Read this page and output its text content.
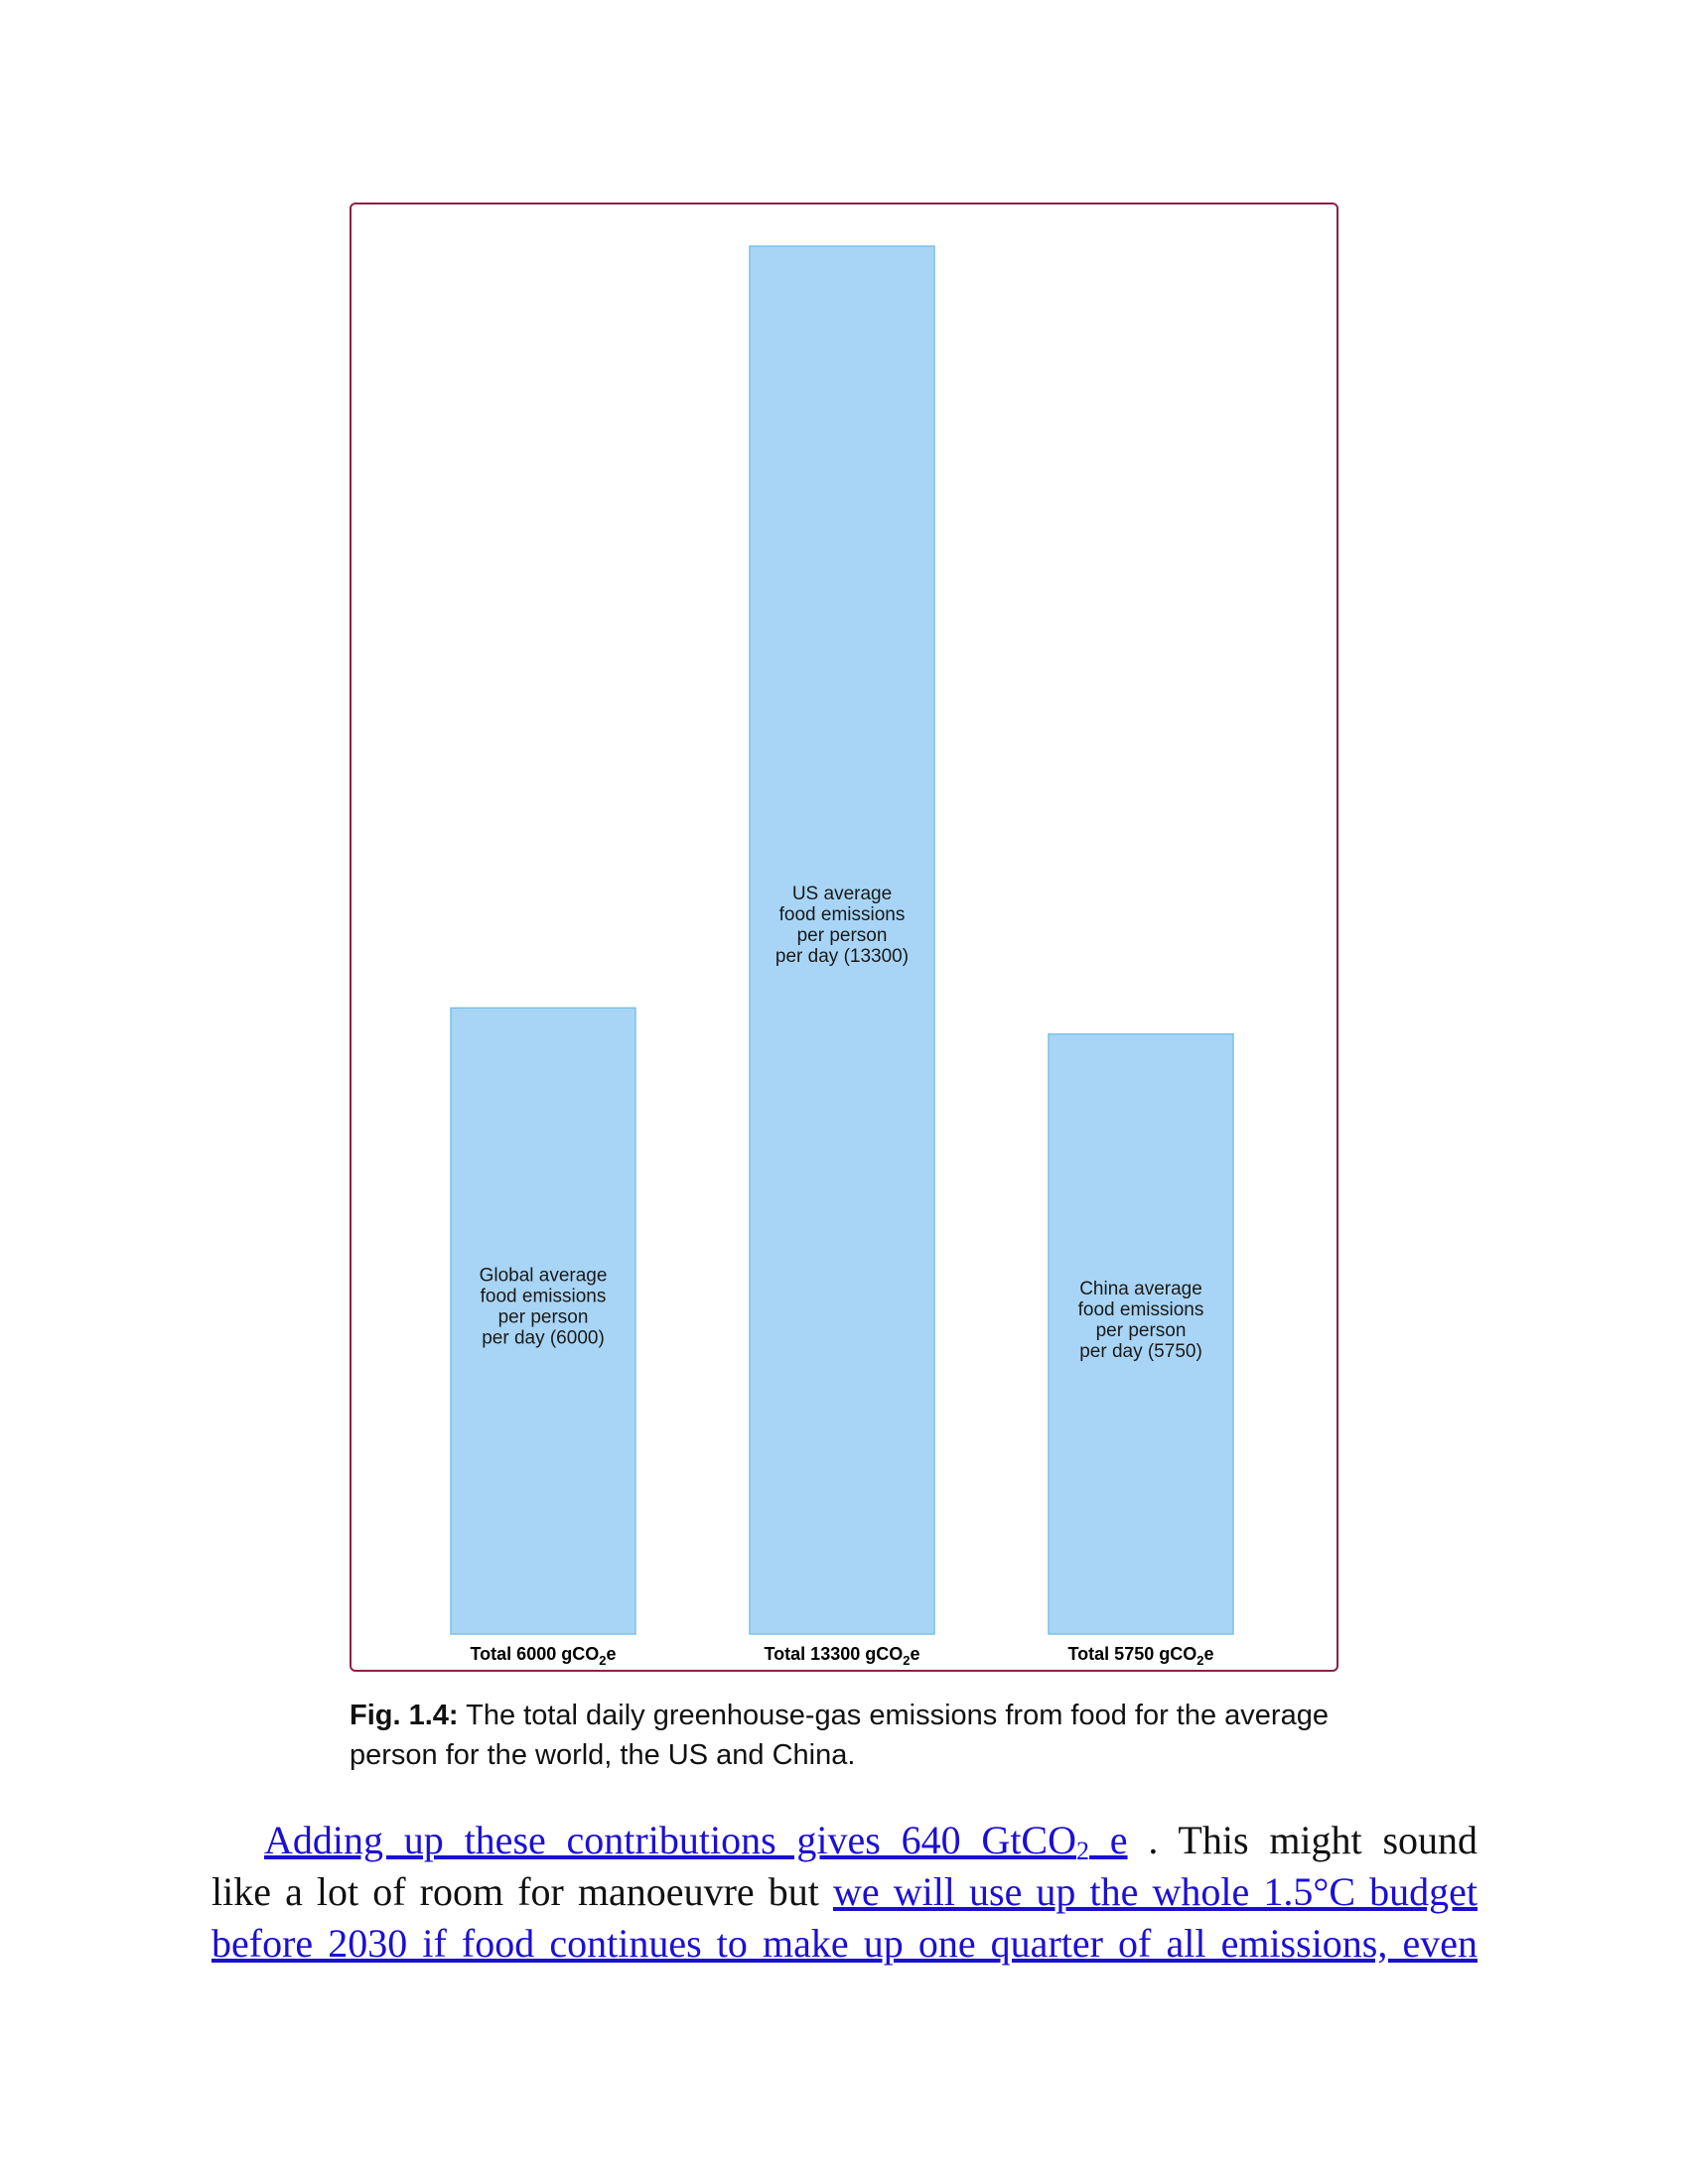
Global average food emissions per person per day (6000)
Total 6000 gCO$_2$e
US average food emissions per person per day (13300)
Total 13300 gCO$_2$e
China average food emissions per person per day (5750)
Total 5750 gCO$_2$e
Fig. 1.4: The total daily greenhouse-gas emissions from food for the average person for the world, the US and China.
Adding up these contributions gives 640 GtCO$_2$ e . This might sound
like a lot of room for manoeuvre but we will use up the whole 1.5°C budget
before 2030 if food continues to make up one quarter of all emissions, even
